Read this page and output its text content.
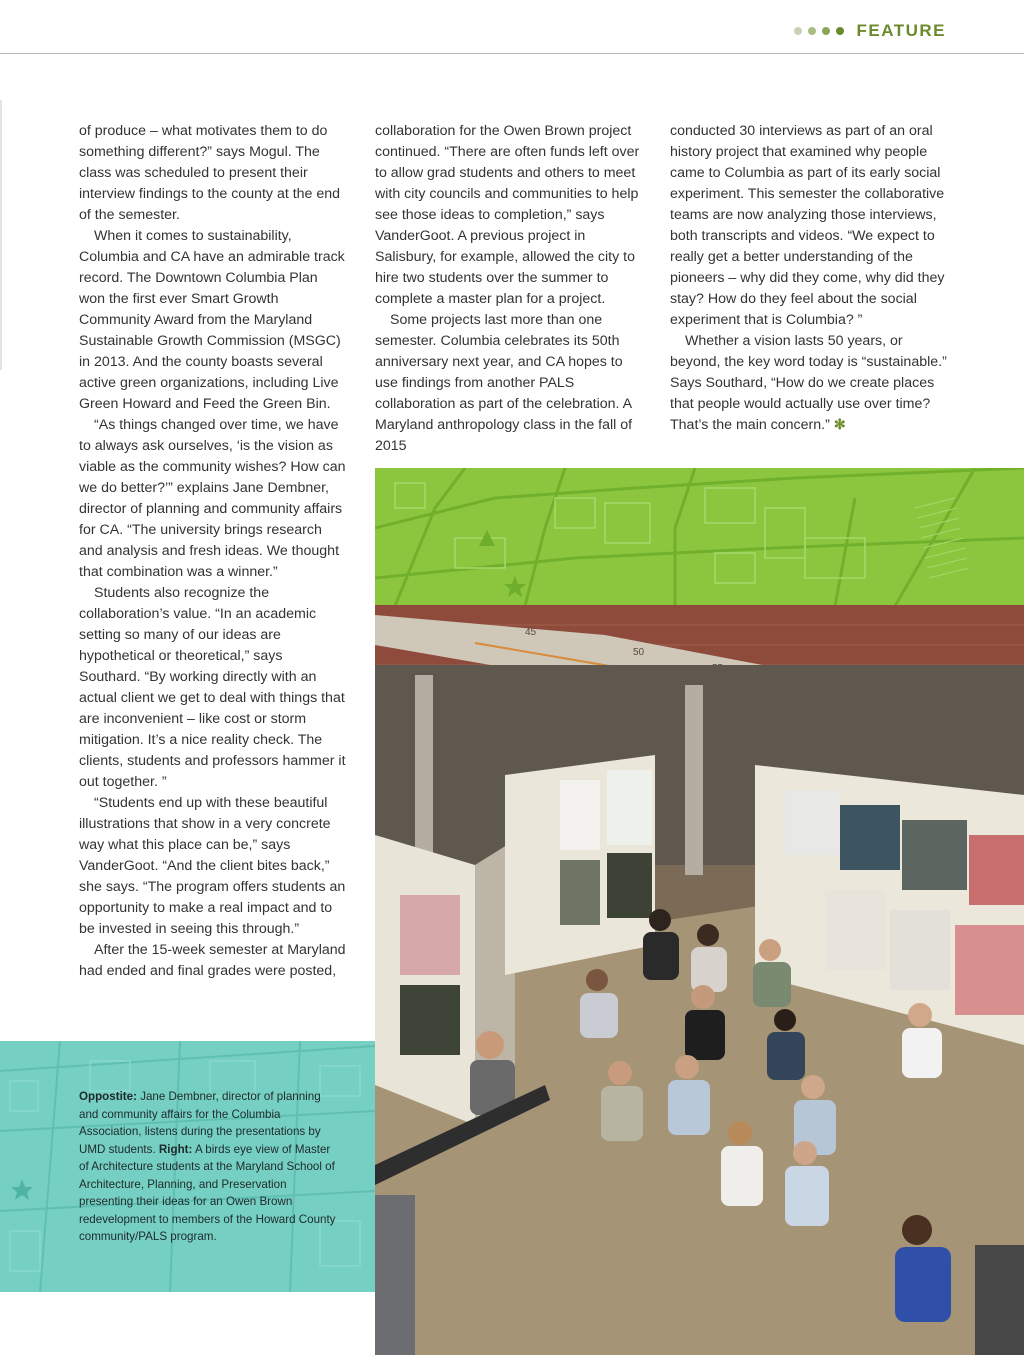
FEATURE

of produce – what motivates them to do something different?” says Mogul. The class was scheduled to present their interview findings to the county at the end of the semester.

When it comes to sustainability, Columbia and CA have an admirable track record. The Downtown Columbia Plan won the first ever Smart Growth Community Award from the Maryland Sustainable Growth Commission (MSGC) in 2013. And the county boasts several active green organizations, including Live Green Howard and Feed the Green Bin.

“As things changed over time, we have to always ask ourselves, ‘is the vision as viable as the community wishes? How can we do better?’” explains Jane Dembner, director of planning and community affairs for CA. “The university brings research and analysis and fresh ideas. We thought that combination was a winner.”

Students also recognize the collaboration’s value. “In an academic setting so many of our ideas are hypothetical or theoretical,” says Southard. “By working directly with an actual client we get to deal with things that are inconvenient – like cost or storm mitigation. It’s a nice reality check. The clients, students and professors hammer it out together. ”

“Students end up with these beautiful illustrations that show in a very concrete way what this place can be,” says VanderGoot. “And the client bites back,” she says. “The program offers students an opportunity to make a real impact and to be invested in seeing this through.”

After the 15-week semester at Maryland had ended and final grades were posted,

collaboration for the Owen Brown project continued. “There are often funds left over to allow grad students and others to meet with city councils and communities to help see those ideas to completion,” says VanderGoot. A previous project in Salisbury, for example, allowed the city to hire two students over the summer to complete a master plan for a project.

Some projects last more than one semester. Columbia celebrates its 50th anniversary next year, and CA hopes to use findings from another PALS collaboration as part of the celebration. A Maryland anthropology class in the fall of 2015

conducted 30 interviews as part of an oral history project that examined why people came to Columbia as part of its early social experiment. This semester the collaborative teams are now analyzing those interviews, both transcripts and videos. “We expect to really get a better understanding of the pioneers – why did they come, why did they stay? How do they feel about the social experiment that is Columbia? ”

Whether a vision lasts 50 years, or beyond, the key word today is “sustainable.” Says Southard, “How do we create places that people would actually use over time? That’s the main concern.” ✻

45
50
Oppostite: Jane Dembner, director of planning and community affairs for the Columbia Association, listens during the presentations by UMD students. Right: A birds eye view of Master of Architecture students at the Maryland School of Architecture, Planning, and Preservation presenting their ideas for an Owen Brown redevelopment to members of the Howard County community/PALS program.
